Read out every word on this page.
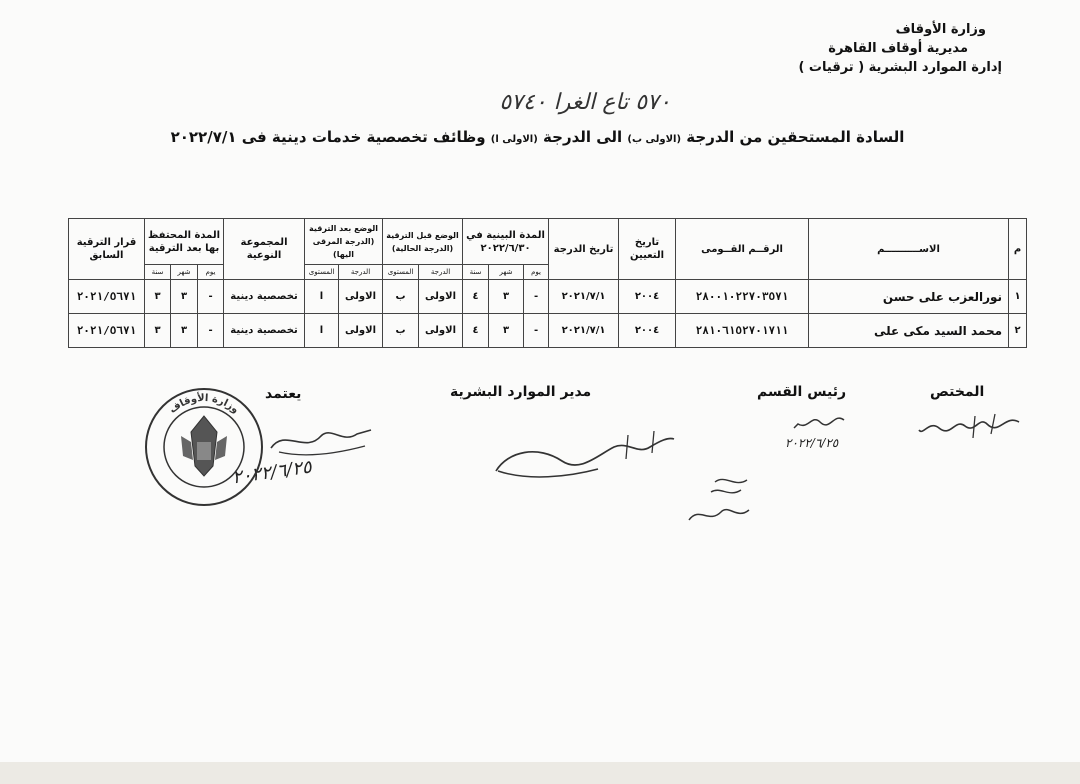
وزارة الأوقاف
مديرية أوقاف القاهرة
إدارة الموارد البشرية ( ترقيات )
٥٧٠ تاع الغرا ٥٧٤٠
السادة المستحقين من الدرجة (الاولى ب) الى الدرجة (الاولى ا) وظائف تخصصية خدمات دينية فى ٢٠٢٢/٧/١
م	الاســــــــــم	الرقــم القــومى	تاريخ التعيين	تاريخ الدرجة	المدة البينية في ٢٠٢٢/٦/٣٠			الوضع قبل الترقية (الدرجة الحالية)		الوضع بعد الترقية (الدرجة المرقى اليها)		المجموعة النوعية	المدة المحتفظ بها بعد الترقية			قرار الترقية السابق
					يوم	شهر	سنة	الدرجة	المستوى	الدرجة	المستوى		يوم	شهر	سنة	
١	نورالعزب على حسن	٢٨٠٠١٠٢٢٧٠٣٥٧١	٢٠٠٤	٢٠٢١/٧/١	-	٣	٤	الاولى	ب	الاولى	ا	تخصصية دينية	-	٣	٣	٢٠٢١/٥٦٧١
٢	محمد السيد مكى على	٢٨١٠٦١٥٢٧٠١٧١١	٢٠٠٤	٢٠٢١/٧/١	-	٣	٤	الاولى	ب	الاولى	ا	تخصصية دينية	-	٣	٣	٢٠٢١/٥٦٧١
المختص
رئيس القسم
مدير الموارد البشرية
يعتمد
٢٠٢٢/٦/٢٥
٢٠٢٢/٦/٢٥
وزارة الأوقاف
